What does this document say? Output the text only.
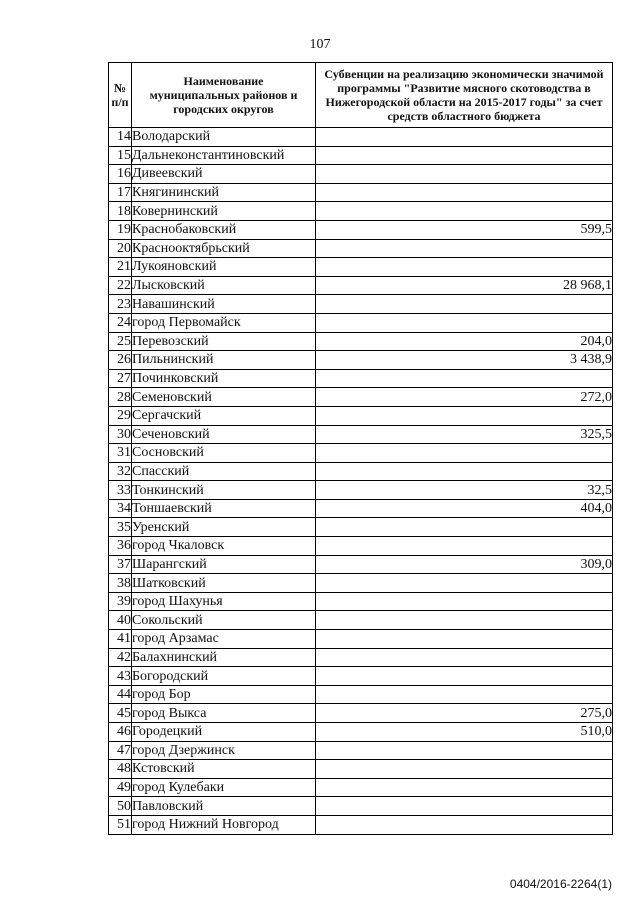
107
№ п/п	Наименование муниципальных районов и городских округов	Субвенции на реализацию экономически значимой программы "Развитие мясного скотоводства в Нижегородской области на 2015-2017 годы" за счет средств областного бюджета
14	Володарский	
15	Дальнеконстантиновский	
16	Дивеевский	
17	Княгининский	
18	Ковернинский	
19	Краснобаковский	599,5
20	Краснооктябрьский	
21	Лукояновский	
22	Лысковский	28 968,1
23	Навашинский	
24	город Первомайск	
25	Перевозский	204,0
26	Пильнинский	3 438,9
27	Починковский	
28	Семеновский	272,0
29	Сергачский	
30	Сеченовский	325,5
31	Сосновский	
32	Спасский	
33	Тонкинский	32,5
34	Тоншаевский	404,0
35	Уренский	
36	город Чкаловск	
37	Шарангский	309,0
38	Шатковский	
39	город Шахунья	
40	Сокольский	
41	город Арзамас	
42	Балахнинский	
43	Богородский	
44	город Бор	
45	город Выкса	275,0
46	Городецкий	510,0
47	город Дзержинск	
48	Кстовский	
49	город Кулебаки	
50	Павловский	
51	город Нижний Новгород	
0404/2016-2264(1)
